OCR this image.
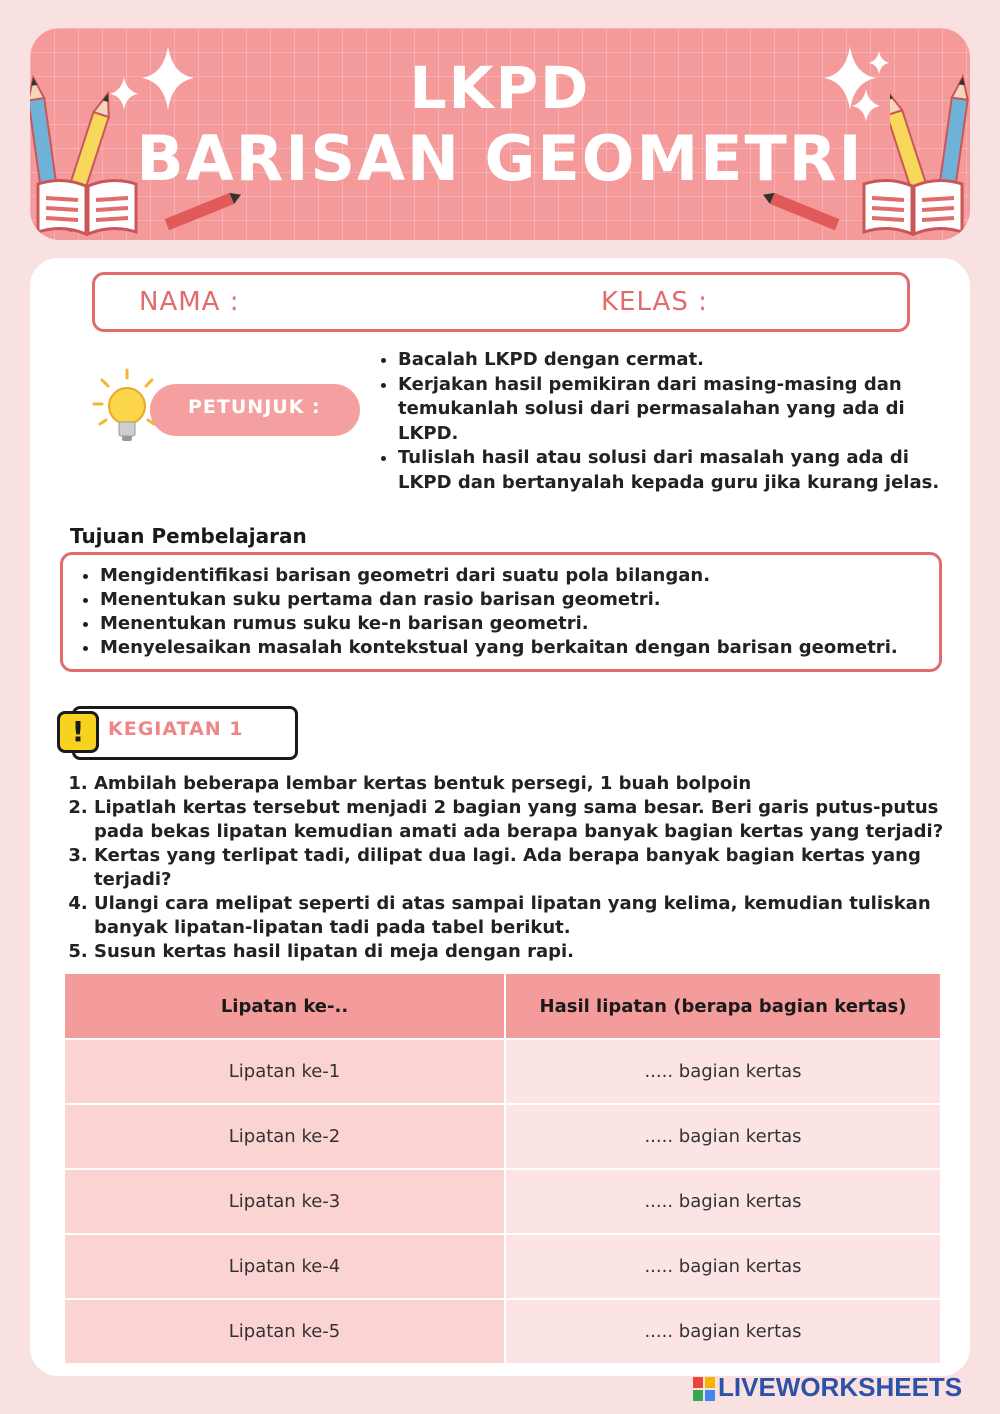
LKPD
BARISAN GEOMETRI
NAMA :	KELAS :
PETUNJUK :
• Bacalah LKPD dengan cermat.
• Kerjakan hasil pemikiran dari masing-masing dan temukanlah solusi dari permasalahan yang ada di LKPD.
• Tulislah hasil atau solusi dari masalah yang ada di LKPD dan bertanyalah kepada guru jika kurang jelas.
Tujuan Pembelajaran
• Mengidentifikasi barisan geometri dari suatu pola bilangan.
• Menentukan suku pertama dan rasio barisan geometri.
• Menentukan rumus suku ke-n barisan geometri.
• Menyelesaikan masalah kontekstual yang berkaitan dengan barisan geometri.
!	KEGIATAN 1
1. Ambilah beberapa lembar kertas bentuk persegi, 1 buah bolpoin
2. Lipatlah kertas tersebut menjadi 2 bagian yang sama besar. Beri garis putus-putus pada bekas lipatan kemudian amati ada berapa banyak bagian kertas yang terjadi?
3. Kertas yang terlipat tadi, dilipat dua lagi. Ada berapa banyak bagian kertas yang terjadi?
4. Ulangi cara melipat seperti di atas sampai lipatan yang kelima, kemudian tuliskan banyak lipatan-lipatan tadi pada tabel berikut.
5. Susun kertas hasil lipatan di meja dengan rapi.
Lipatan ke-..	Hasil lipatan (berapa bagian kertas)
Lipatan ke-1	..... bagian kertas
Lipatan ke-2	..... bagian kertas
Lipatan ke-3	..... bagian kertas
Lipatan ke-4	..... bagian kertas
Lipatan ke-5	..... bagian kertas
LIVEWORKSHEETS
